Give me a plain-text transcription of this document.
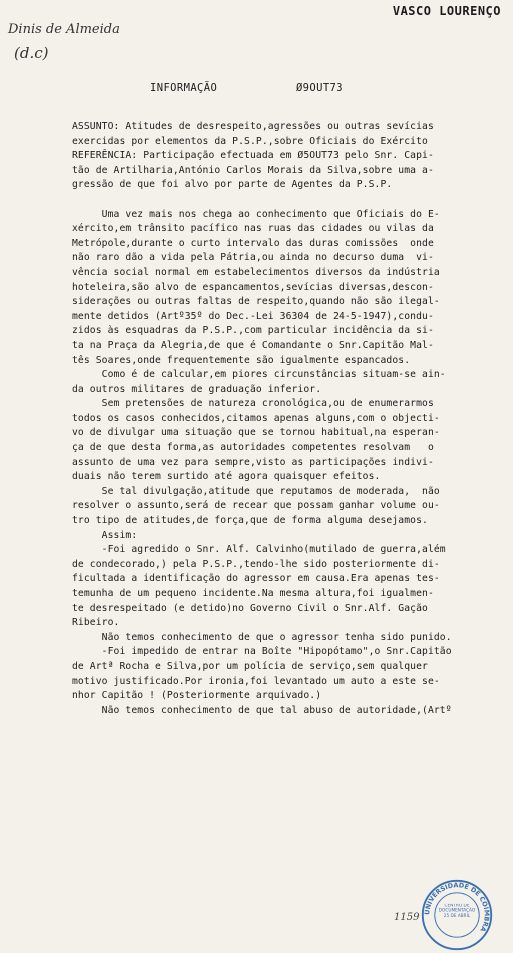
VASCO LOURENÇO
Dinis de Almeida
(d.c)
INFORMAÇÃO	Ø9OUT73
ASSUNTO: Atitudes de desrespeito,agressões ou outras sevícias
exercidas por elementos da P.S.P.,sobre Oficiais do Exército
REFERÊNCIA: Participação efectuada em Ø5OUT73 pelo Snr. Capi-
tão de Artilharia,António Carlos Morais da Silva,sobre uma a-
gressão de que foi alvo por parte de Agentes da P.S.P.

Uma vez mais nos chega ao conhecimento que Oficiais do E-
xército,em trânsito pacífico nas ruas das cidades ou vilas da
Metrópole,durante o curto intervalo das duras comissões  onde
não raro dão a vida pela Pátria,ou ainda no decurso duma  vi-
vência social normal em estabelecimentos diversos da indústria
hoteleira,são alvo de espancamentos,sevícias diversas,descon-
siderações ou outras faltas de respeito,quando não são ilegal-
mente detidos (Artº35º do Dec.-Lei 36304 de 24-5-1947),condu-
zidos às esquadras da P.S.P.,com particular incidência da si-
ta na Praça da Alegria,de que é Comandante o Snr.Capitão Mal-
tês Soares,onde frequentemente são igualmente espancados.
Como é de calcular,em piores circunstâncias situam-se ain-
da outros militares de graduação inferior.
Sem pretensões de natureza cronológica,ou de enumerarmos
todos os casos conhecidos,citamos apenas alguns,com o objecti-
vo de divulgar uma situação que se tornou habitual,na esperan-
ça de que desta forma,as autoridades competentes resolvam   o
assunto de uma vez para sempre,visto as participações indivi-
duais não terem surtido até agora quaisquer efeitos.
Se tal divulgação,atitude que reputamos de moderada,  não
resolver o assunto,será de recear que possam ganhar volume ou-
tro tipo de atitudes,de força,que de forma alguma desejamos.
Assim:
-Foi agredido o Snr. Alf. Calvinho(mutilado de guerra,além
de condecorado,) pela P.S.P.,tendo-lhe sido posteriormente di-
ficultada a identificação do agressor em causa.Era apenas tes-
temunha de um pequeno incidente.Na mesma altura,foi igualmen-
te desrespeitado (e detido)no Governo Civil o Snr.Alf. Gação
Ribeiro.
Não temos conhecimento de que o agressor tenha sido punido.
-Foi impedido de entrar na Boîte "Hipopótamo",o Snr.Capitão
de Artª Rocha e Silva,por um polícia de serviço,sem qualquer
motivo justificado.Por ironia,foi levantado um auto a este se-
nhor Capitão ! (Posteriormente arquivado.)
Não temos conhecimento de que tal abuso de autoridade,(Artº
UNIVERSIDADE DE COIMBRA
CENTRO DE DOCUMENTAÇÃO 25 DE ABRIL
1159
